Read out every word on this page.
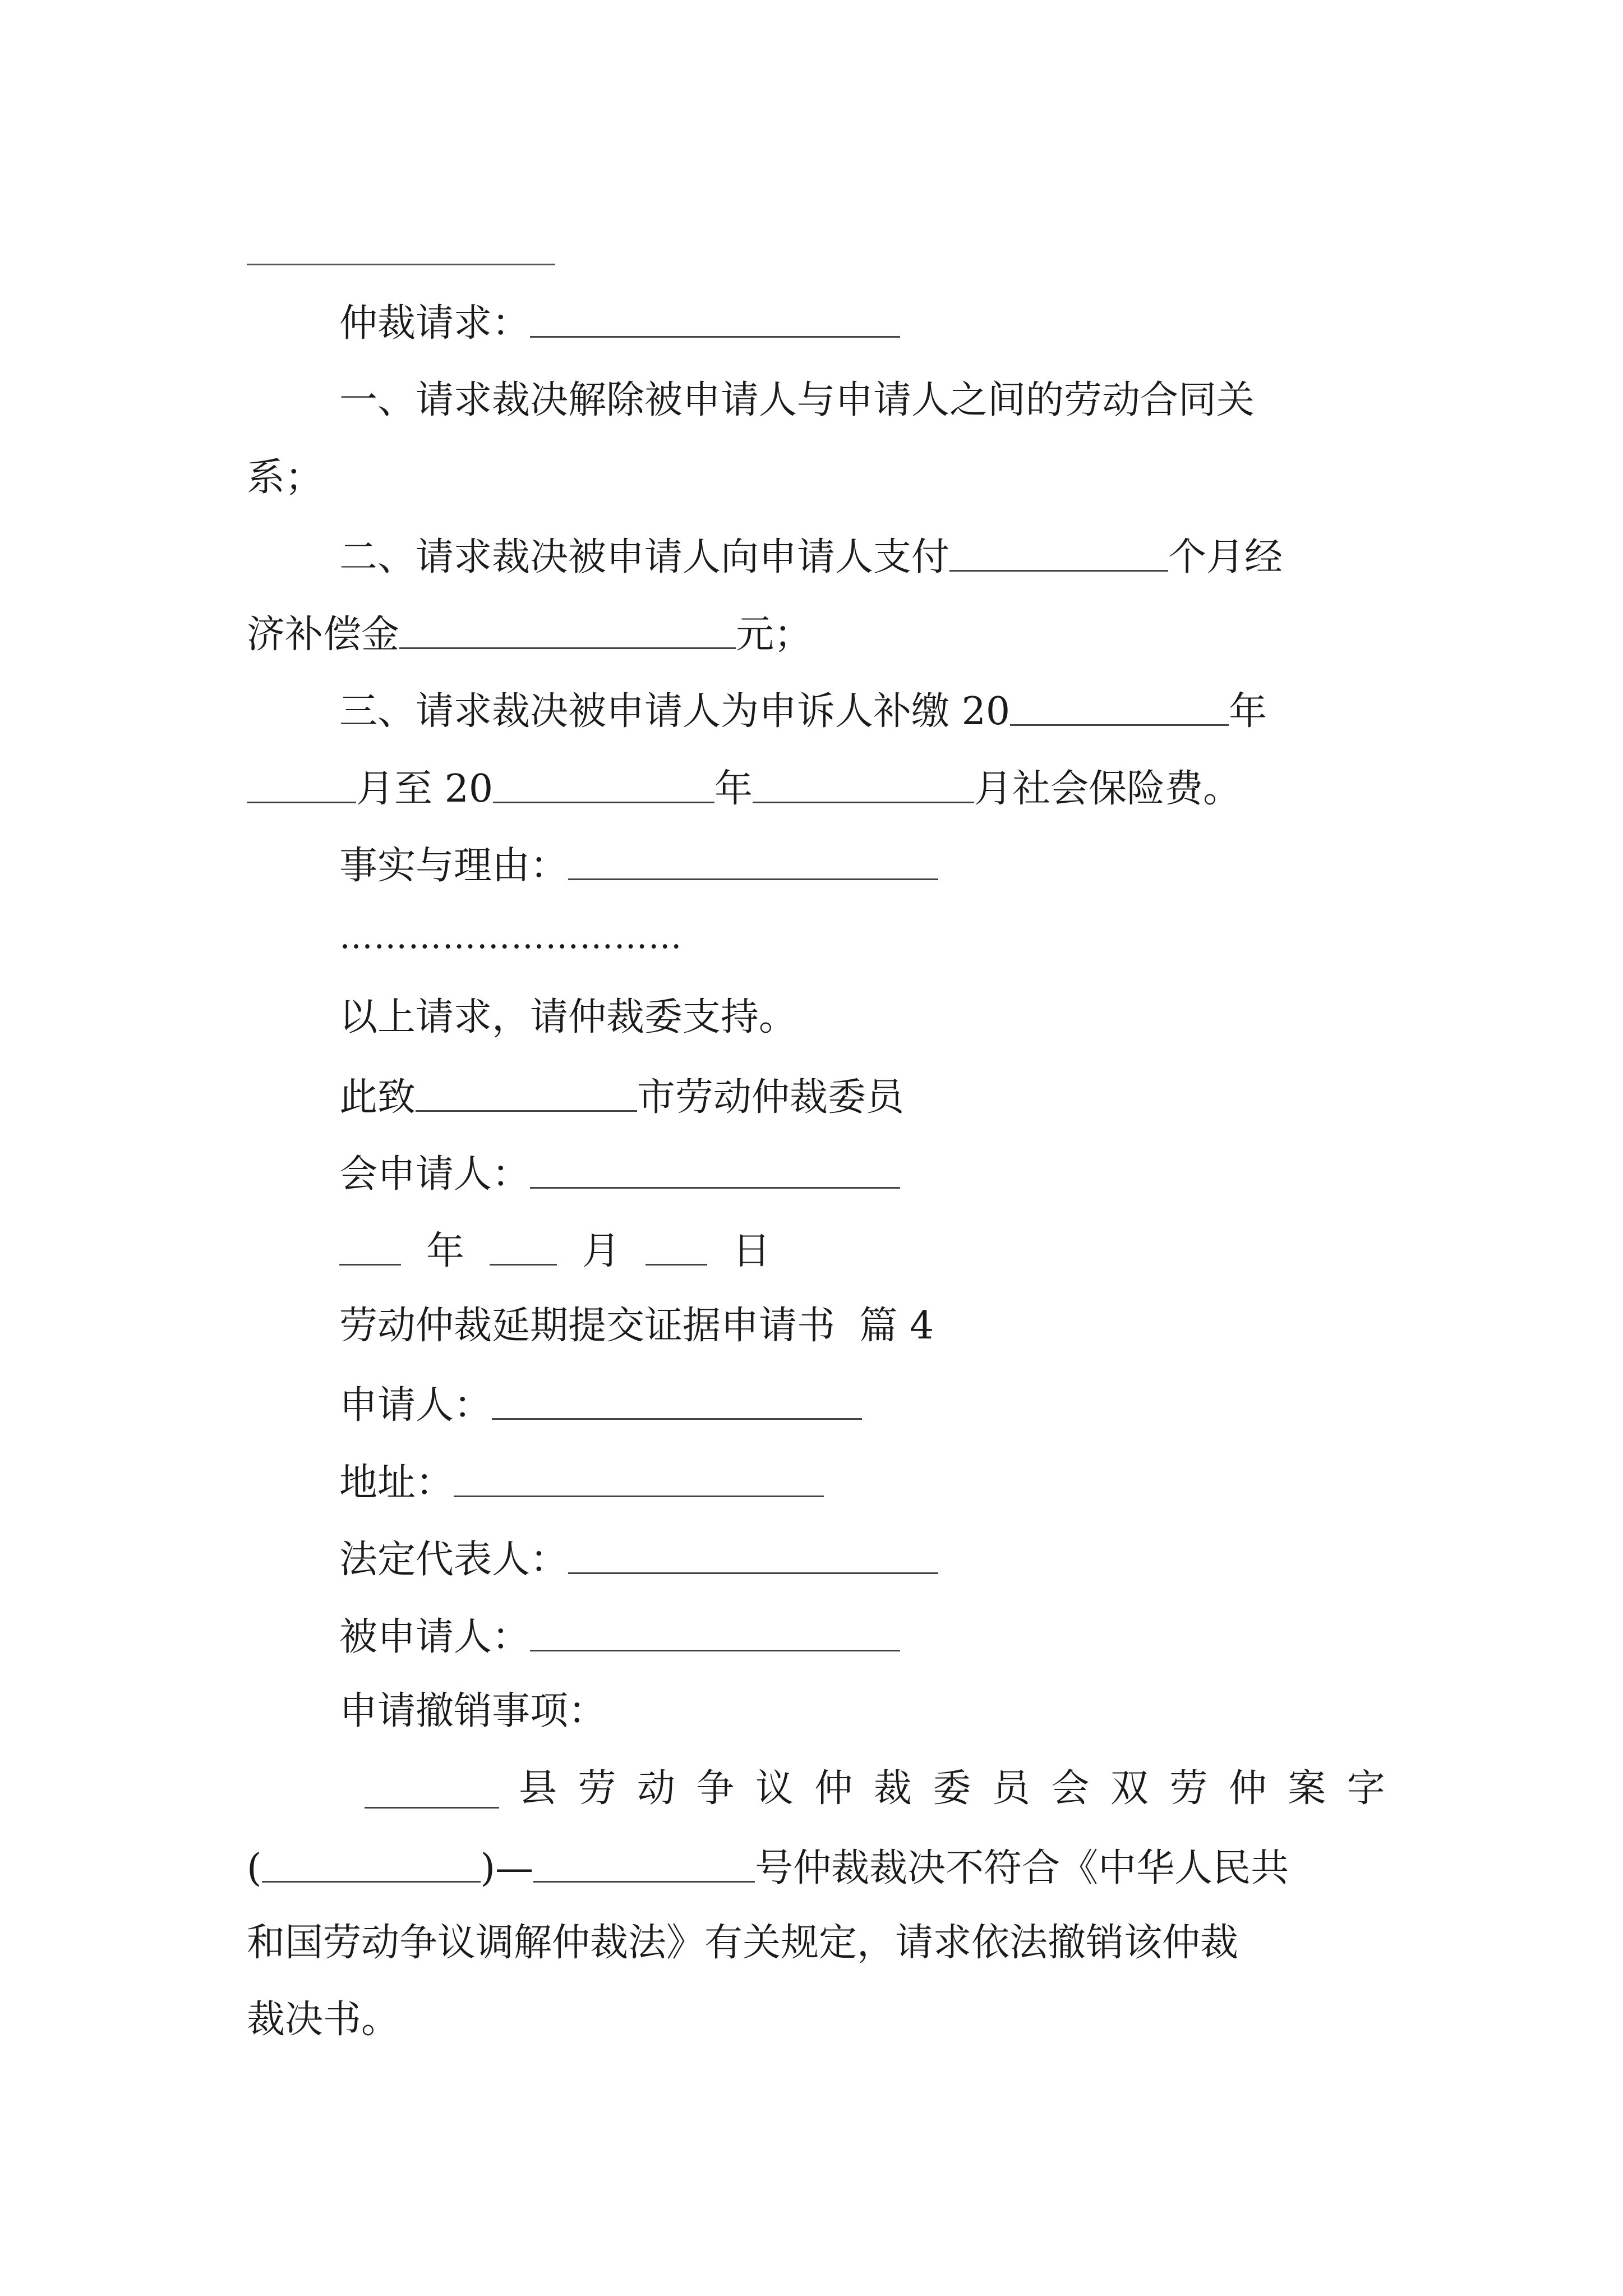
仲裁请求：
一、请求裁决解除被申请人与申请人之间的劳动合同关
系；
二、请求裁决被申请人向申请人支付	个月经
济补偿金	元；
三、请求裁决被申请人为申诉人补缴 20	年
月至 20	年	月社会保险费。
事实与理由：
…………………………
以上请求，请仲裁委支持。
此致	市劳动仲裁委员
会申请人：
年	月	日
劳动仲裁延期提交证据申请书  篇 4
申请人：
地址：
法定代表人：
被申请人：
申请撤销事项：
县 劳 动 争 议 仲 裁 委 员 会 双 劳 仲 案 字
(	)—	号仲裁裁决不符合《中华人民共
和国劳动争议调解仲裁法》有关规定，请求依法撤销该仲裁
裁决书。
